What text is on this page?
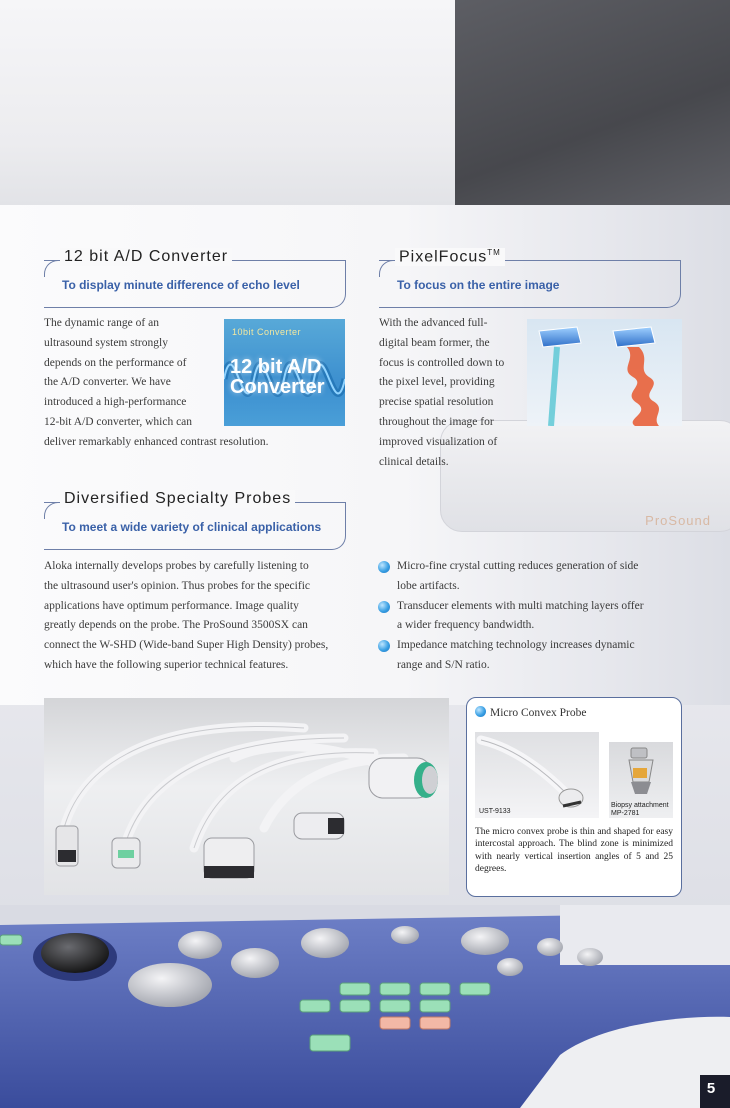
ProSound
12 bit A/D Converter
To display minute difference of echo level
The dynamic range of an
ultrasound system strongly
depends on the performance of
the A/D converter. We have
introduced a high-performance
12-bit A/D converter, which can
deliver remarkably enhanced contrast resolution.
10bit Converter
12 bit A/D
Converter
PixelFocus™
To focus on the entire image
With the advanced full-
digital beam former, the
focus is controlled down to
the pixel level, providing
precise spatial resolution
throughout the image for
improved visualization of
clinical details.
Diversified Specialty Probes
To meet a wide variety of clinical applications
Aloka internally develops probes by carefully listening to
the ultrasound user's opinion. Thus probes for the specific
applications have optimum performance. Image quality
greatly depends on the probe. The ProSound 3500SX can
connect the W-SHD (Wide-band Super High Density) probes,
which have the following superior technical features.
Micro-fine crystal cutting reduces generation of side
lobe artifacts.
Transducer elements with multi matching layers offer
a wider frequency bandwidth.
Impedance matching technology increases dynamic
range and S/N ratio.
Micro Convex Probe
UST-9133
Biopsy attachment
MP-2781
The micro convex probe is thin and shaped for easy intercostal approach. The blind zone is minimized with nearly vertical insertion angles of 5 and 25 degrees.
5
